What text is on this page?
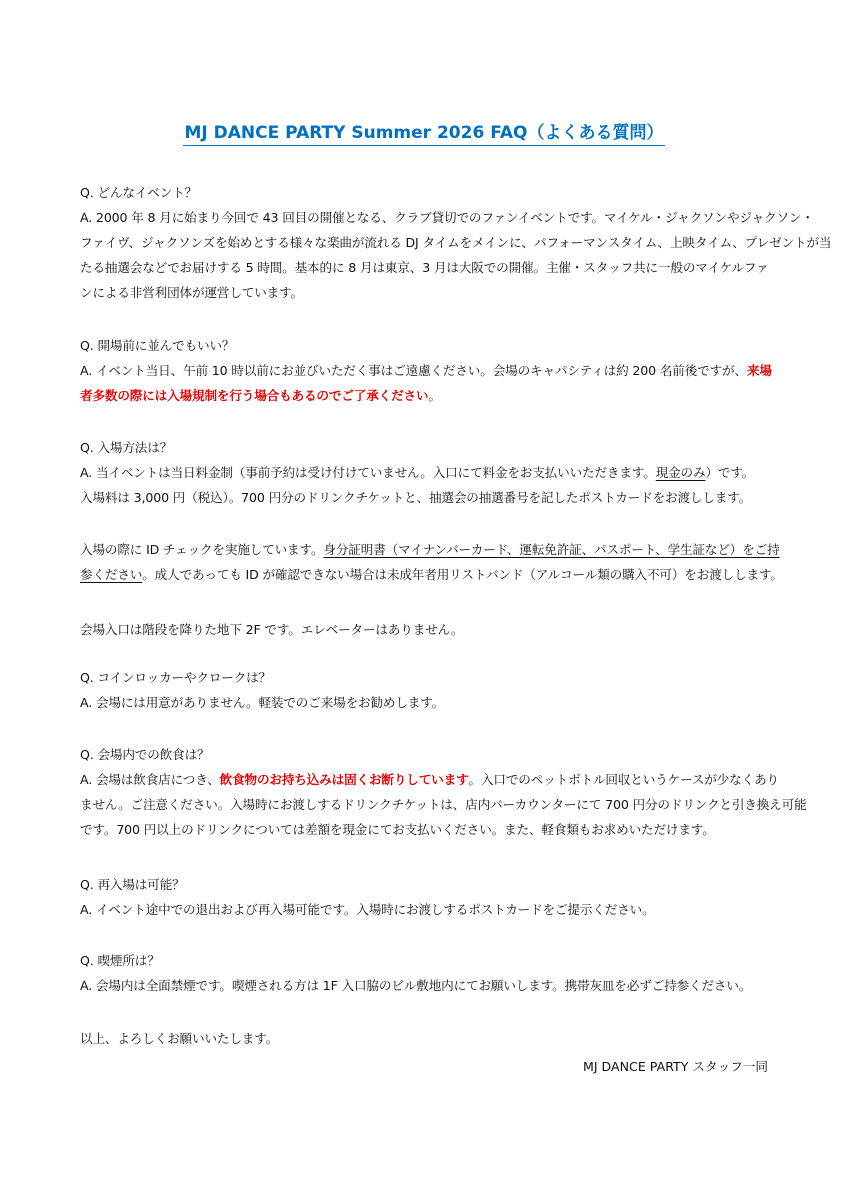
MJ DANCE PARTY Summer 2026 FAQ（よくある質問）
Q. どんなイベント？
A. 2000 年 8 月に始まり今回で 43 回目の開催となる、クラブ貸切でのファンイベントです。マイケル・ジャクソンやジャクソン・
ファイヴ、ジャクソンズを始めとする様々な楽曲が流れる DJ タイムをメインに、パフォーマンスタイム、上映タイム、プレゼントが当
たる抽選会などでお届けする 5 時間。基本的に 8 月は東京、3 月は大阪での開催。主催・スタッフ共に一般のマイケルファ
ンによる非営利団体が運営しています。
Q. 開場前に並んでもいい？
A. イベント当日、午前 10 時以前にお並びいただく事はご遠慮ください。会場のキャパシティは約 200 名前後ですが、来場
者多数の際には入場規制を行う場合もあるのでご了承ください。
Q. 入場方法は？
A. 当イベントは当日料金制（事前予約は受け付けていません。入口にて料金をお支払いいただきます。現金のみ）です。
入場料は 3,000 円（税込）。700 円分のドリンクチケットと、抽選会の抽選番号を記したポストカードをお渡しします。
入場の際に ID チェックを実施しています。身分証明書（マイナンバーカード、運転免許証、パスポート、学生証など）をご持
参ください。成人であっても ID が確認できない場合は未成年者用リストバンド（アルコール類の購入不可）をお渡しします。
会場入口は階段を降りた地下 2F です。エレベーターはありません。
Q. コインロッカーやクロークは？
A. 会場には用意がありません。軽装でのご来場をお勧めします。
Q. 会場内での飲食は？
A. 会場は飲食店につき、飲食物のお持ち込みは固くお断りしています。入口でのペットボトル回収というケースが少なくあり
ません。ご注意ください。入場時にお渡しするドリンクチケットは、店内バーカウンターにて 700 円分のドリンクと引き換え可能
です。700 円以上のドリンクについては差額を現金にてお支払いください。また、軽食類もお求めいただけます。
Q. 再入場は可能？
A. イベント途中での退出および再入場可能です。入場時にお渡しするポストカードをご提示ください。
Q. 喫煙所は？
A. 会場内は全面禁煙です。喫煙される方は 1F 入口脇のビル敷地内にてお願いします。携帯灰皿を必ずご持参ください。
以上、よろしくお願いいたします。
MJ DANCE PARTY スタッフ一同
